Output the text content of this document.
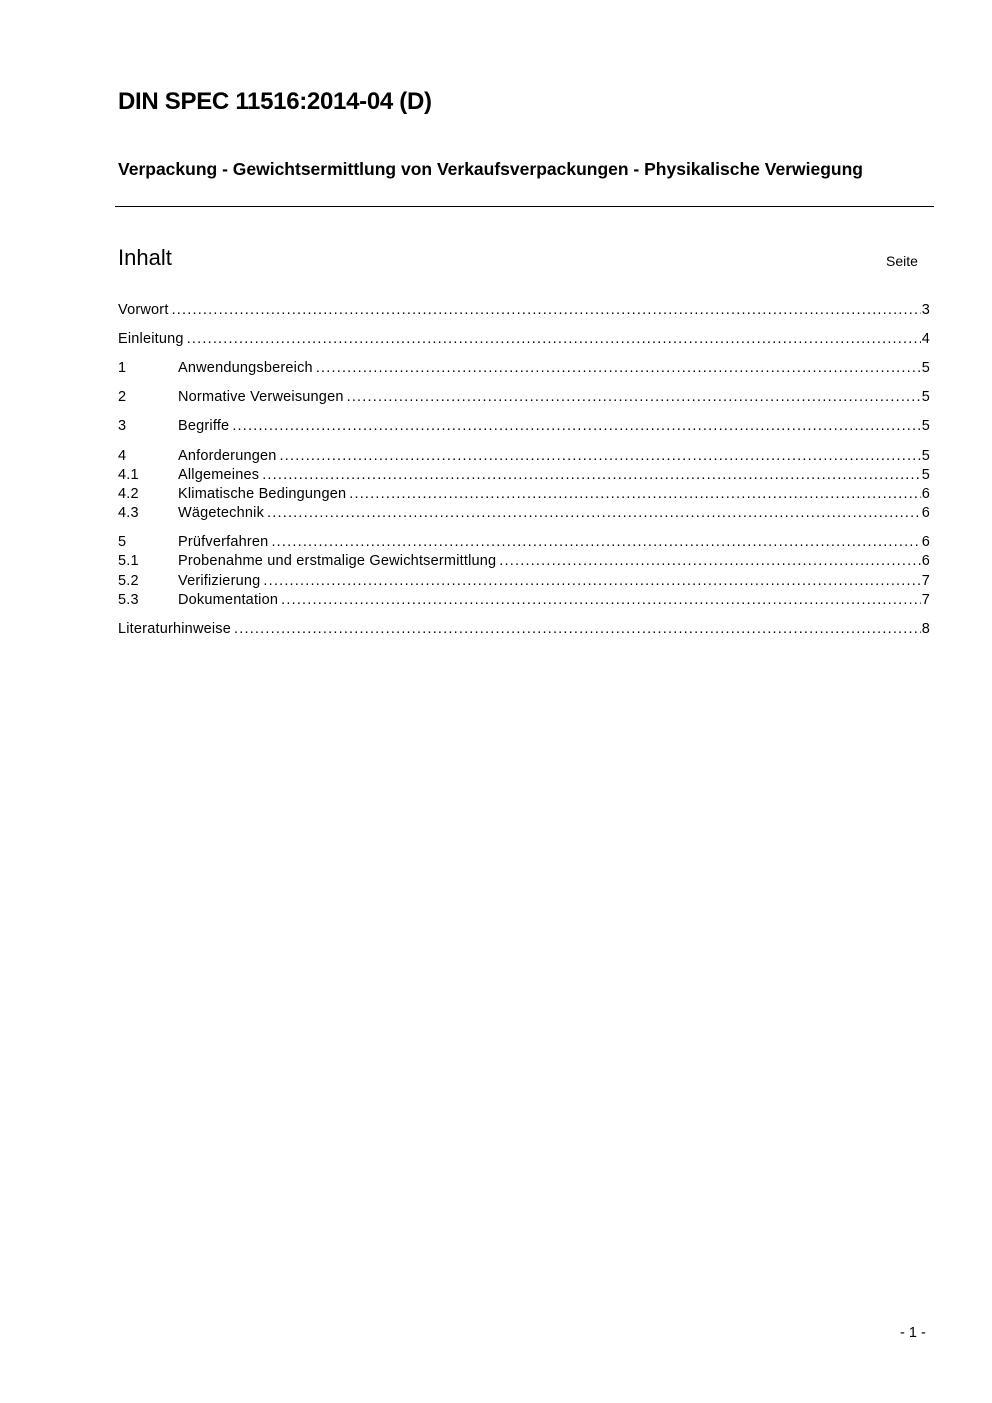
DIN SPEC 11516:2014-04 (D)
Verpackung - Gewichtsermittlung von Verkaufsverpackungen - Physikalische Verwiegung
Inhalt	Seite
Vorwort .....	3
Einleitung .....	4
1	Anwendungsbereich .....	5
2	Normative Verweisungen .....	5
3	Begriffe .....	5
4	Anforderungen .....	5
4.1	Allgemeines .....	5
4.2	Klimatische Bedingungen .....	6
4.3	Wägetechnik .....	6
5	Prüfverfahren .....	6
5.1	Probenahme und erstmalige Gewichtsermittlung .....	6
5.2	Verifizierung .....	7
5.3	Dokumentation .....	7
Literaturhinweise .....	8
- 1 -
